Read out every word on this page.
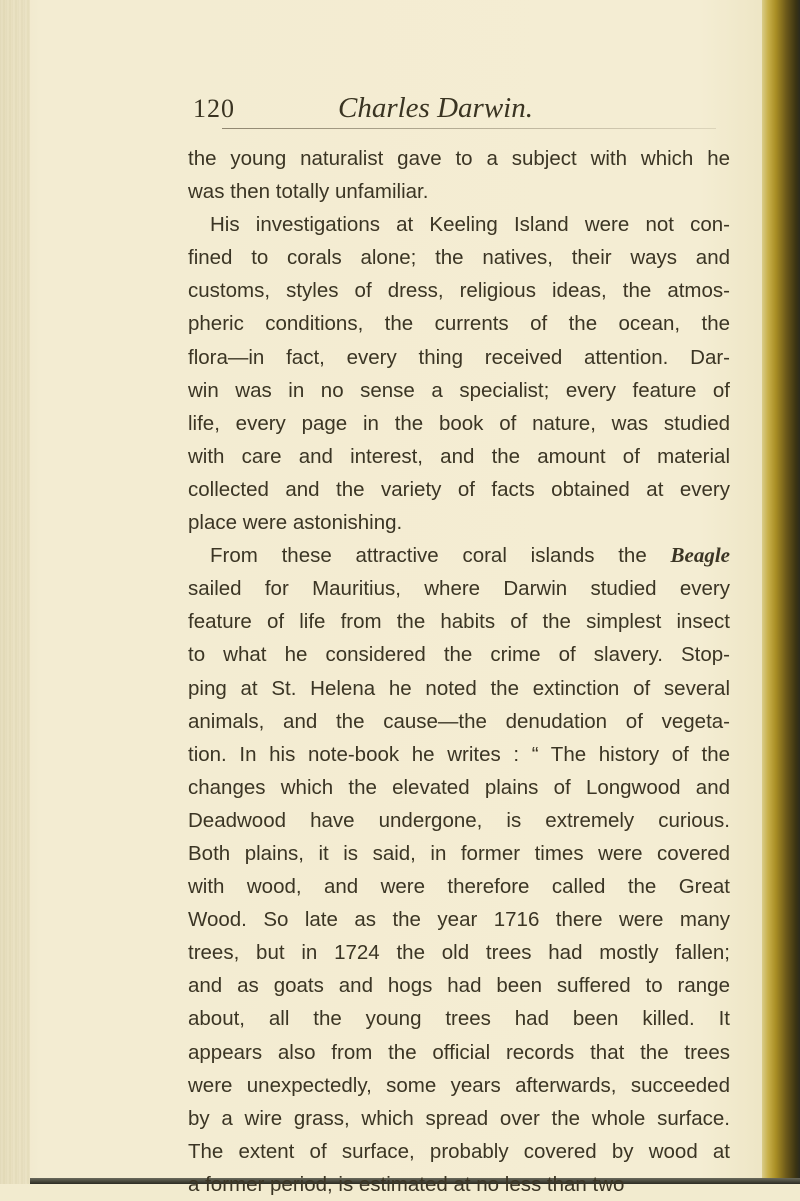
120	Charles Darwin.
the young naturalist gave to a subject with which he
was then totally unfamiliar.
His investigations at Keeling Island were not con-
fined to corals alone; the natives, their ways and
customs, styles of dress, religious ideas, the atmos-
pheric conditions, the currents of the ocean, the
flora—in fact, every thing received attention. Dar-
win was in no sense a specialist; every feature of
life, every page in the book of nature, was studied
with care and interest, and the amount of material
collected and the variety of facts obtained at every
place were astonishing.
From these attractive coral islands the Beagle
sailed for Mauritius, where Darwin studied every
feature of life from the habits of the simplest insect
to what he considered the crime of slavery. Stop-
ping at St. Helena he noted the extinction of several
animals, and the cause—the denudation of vegeta-
tion. In his note-book he writes : “ The history of the
changes which the elevated plains of Longwood and
Deadwood have undergone, is extremely curious.
Both plains, it is said, in former times were covered
with wood, and were therefore called the Great
Wood. So late as the year 1716 there were many
trees, but in 1724 the old trees had mostly fallen;
and as goats and hogs had been suffered to range
about, all the young trees had been killed. It
appears also from the official records that the trees
were unexpectedly, some years afterwards, succeeded
by a wire grass, which spread over the whole surface.
The extent of surface, probably covered by wood at
a former period, is estimated at no less than two
